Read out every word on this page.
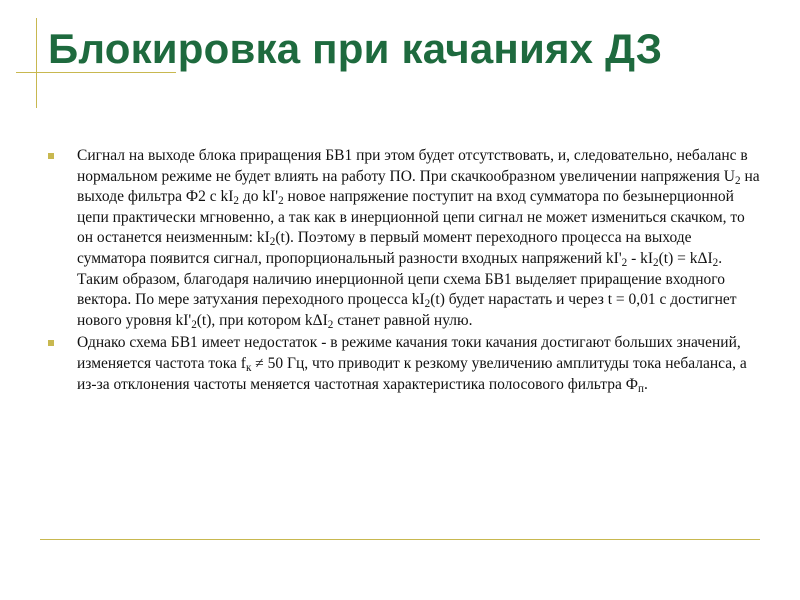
Блокировка при качаниях ДЗ
Сигнал на выходе блока приращения БВ1 при этом будет отсутствовать, и, следовательно, небаланс в нормальном режиме не будет влиять на работу ПО. При скачкообразном увеличении напряжения $U_2$ на выходе фильтра Ф2 с $kI_2$ до $kI'_2$ новое напряжение поступит на вход сумматора по безынерционной цепи практически мгновенно, а так как в инерционной цепи сигнал не может измениться скачком, то он останется неизменным: $kI_2(t)$. Поэтому в первый момент переходного процесса на выходе сумматора появится сигнал, пропорциональный разности входных напряжений $kI'_2 - kI_2(t) = k\Delta I_2$. Таким образом, благодаря наличию инерционной цепи схема БВ1 выделяет приращение входного вектора. По мере затухания переходного процесса $kI_2(t)$ будет нарастать и через t = 0,01 с достигнет нового уровня $kI'_2(t)$, при котором kΔI$_2$ станет равной нулю.
Однако схема БВ1 имеет недостаток - в режиме качания токи качания достигают больших значений, изменяется частота тока $f_к \ne 50$ Гц, что приводит к резкому увеличению амплитуды тока небаланса, а из-за отклонения частоты меняется частотная характеристика полосового фильтра $Ф_п$.
